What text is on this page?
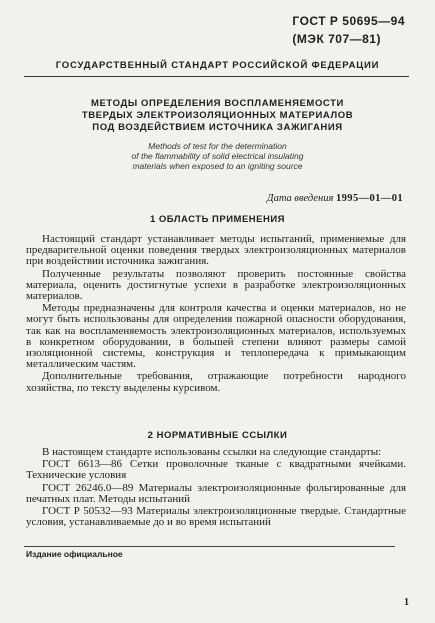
ГОСТ Р 50695—94
(МЭК 707—81)
ГОСУДАРСТВЕННЫЙ СТАНДАРТ РОССИЙСКОЙ ФЕДЕРАЦИИ
МЕТОДЫ ОПРЕДЕЛЕНИЯ ВОСПЛАМЕНЯЕМОСТИ
ТВЕРДЫХ ЭЛЕКТРОИЗОЛЯЦИОННЫХ МАТЕРИАЛОВ
ПОД ВОЗДЕЙСТВИЕМ ИСТОЧНИКА ЗАЖИГАНИЯ
Methods of test for the determination
of the flammability of solid electrical insulating
materials when exposed to an igniting source
Дата введения 1995—01—01
1 ОБЛАСТЬ ПРИМЕНЕНИЯ

Настоящий стандарт устанавливает методы испытаний, применяемые для предварительной оценки поведения твердых электроизоляционных материалов при воздействии источника зажигания.

Полученные результаты позволяют проверить постоянные свойства материала, оценить достигнутые успехи в разработке электроизоляционных материалов.

Методы предназначены для контроля качества и оценки материалов, но не могут быть использованы для определения пожарной опасности оборудования, так как на воспламеняемость электроизоляционных материалов, используемых в конкретном оборудовании, в большей степени влияют размеры самой изоляционной системы, конструкция и теплопередача к примыкающим металлическим частям.

Дополнительные требования, отражающие потребности народного хозяйства, по тексту выделены курсивом.

2 НОРМАТИВНЫЕ ССЫЛКИ

В настоящем стандарте использованы ссылки на следующие стандарты:

ГОСТ 6613—86 Сетки проволочные тканые с квадратными ячейками. Технические условия

ГОСТ 26246.0—89 Материалы электроизоляционные фольгированные для печатных плат. Методы испытаний

ГОСТ Р 50532—93 Материалы электроизоляционные твердые. Стандартные условия, устанавливаемые до и во время испытаний

Издание официальное
1
